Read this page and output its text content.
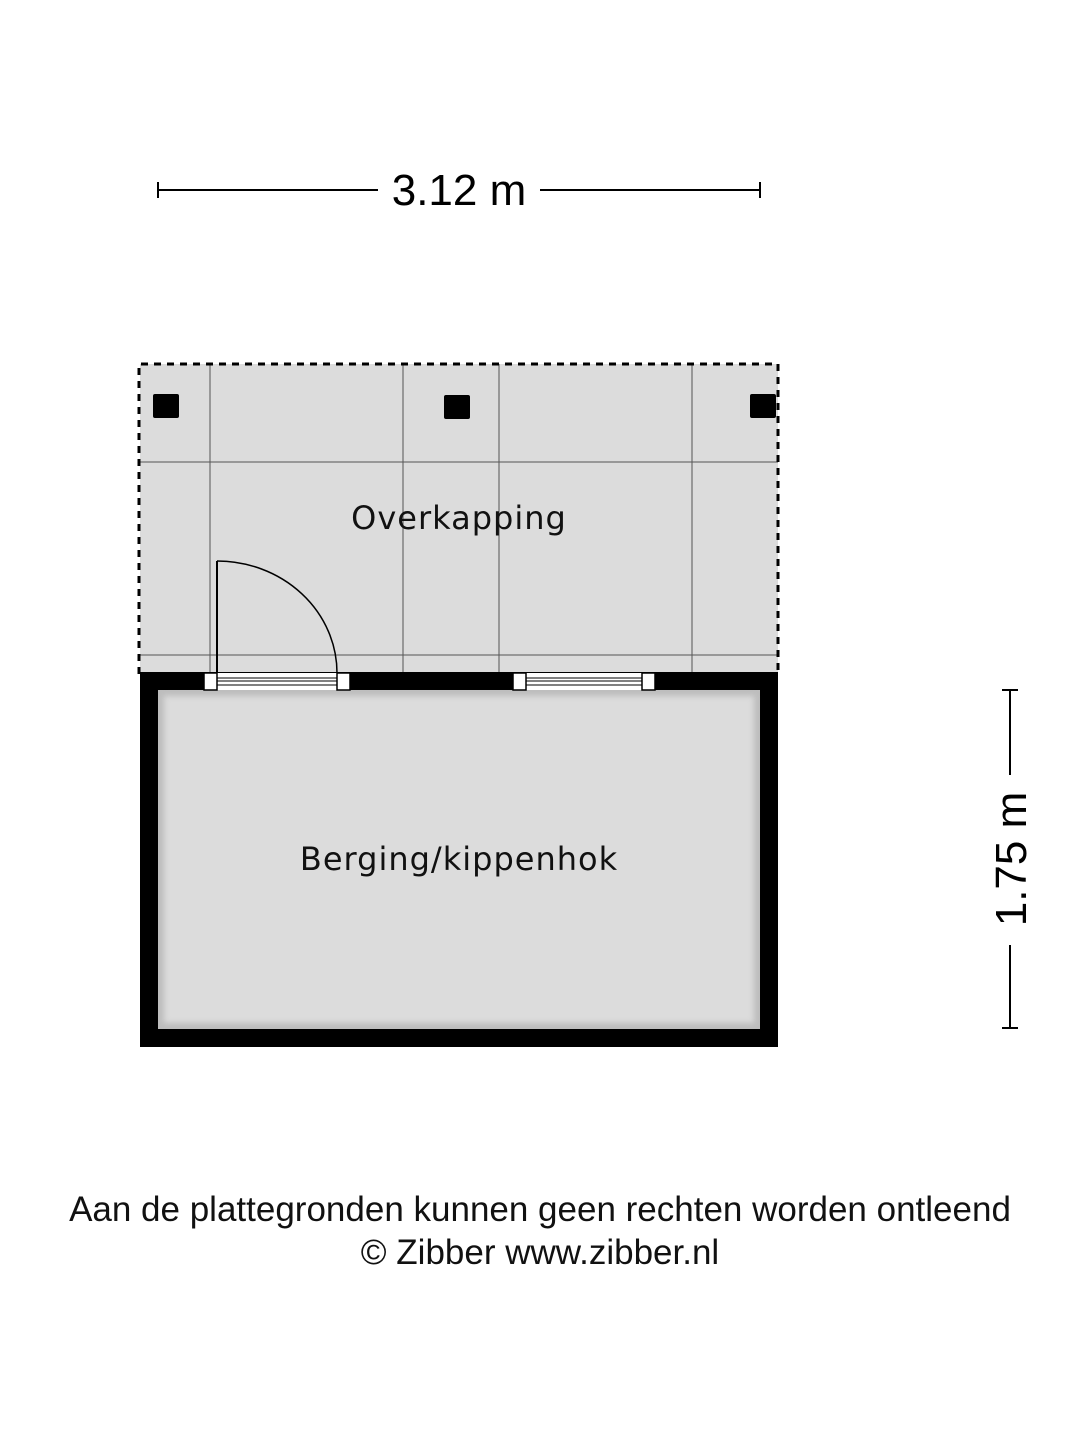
3.12 m
1.75 m
Overkapping
Berging/kippenhok
Aan de plattegronden kunnen geen rechten worden ontleend
© Zibber www.zibber.nl
